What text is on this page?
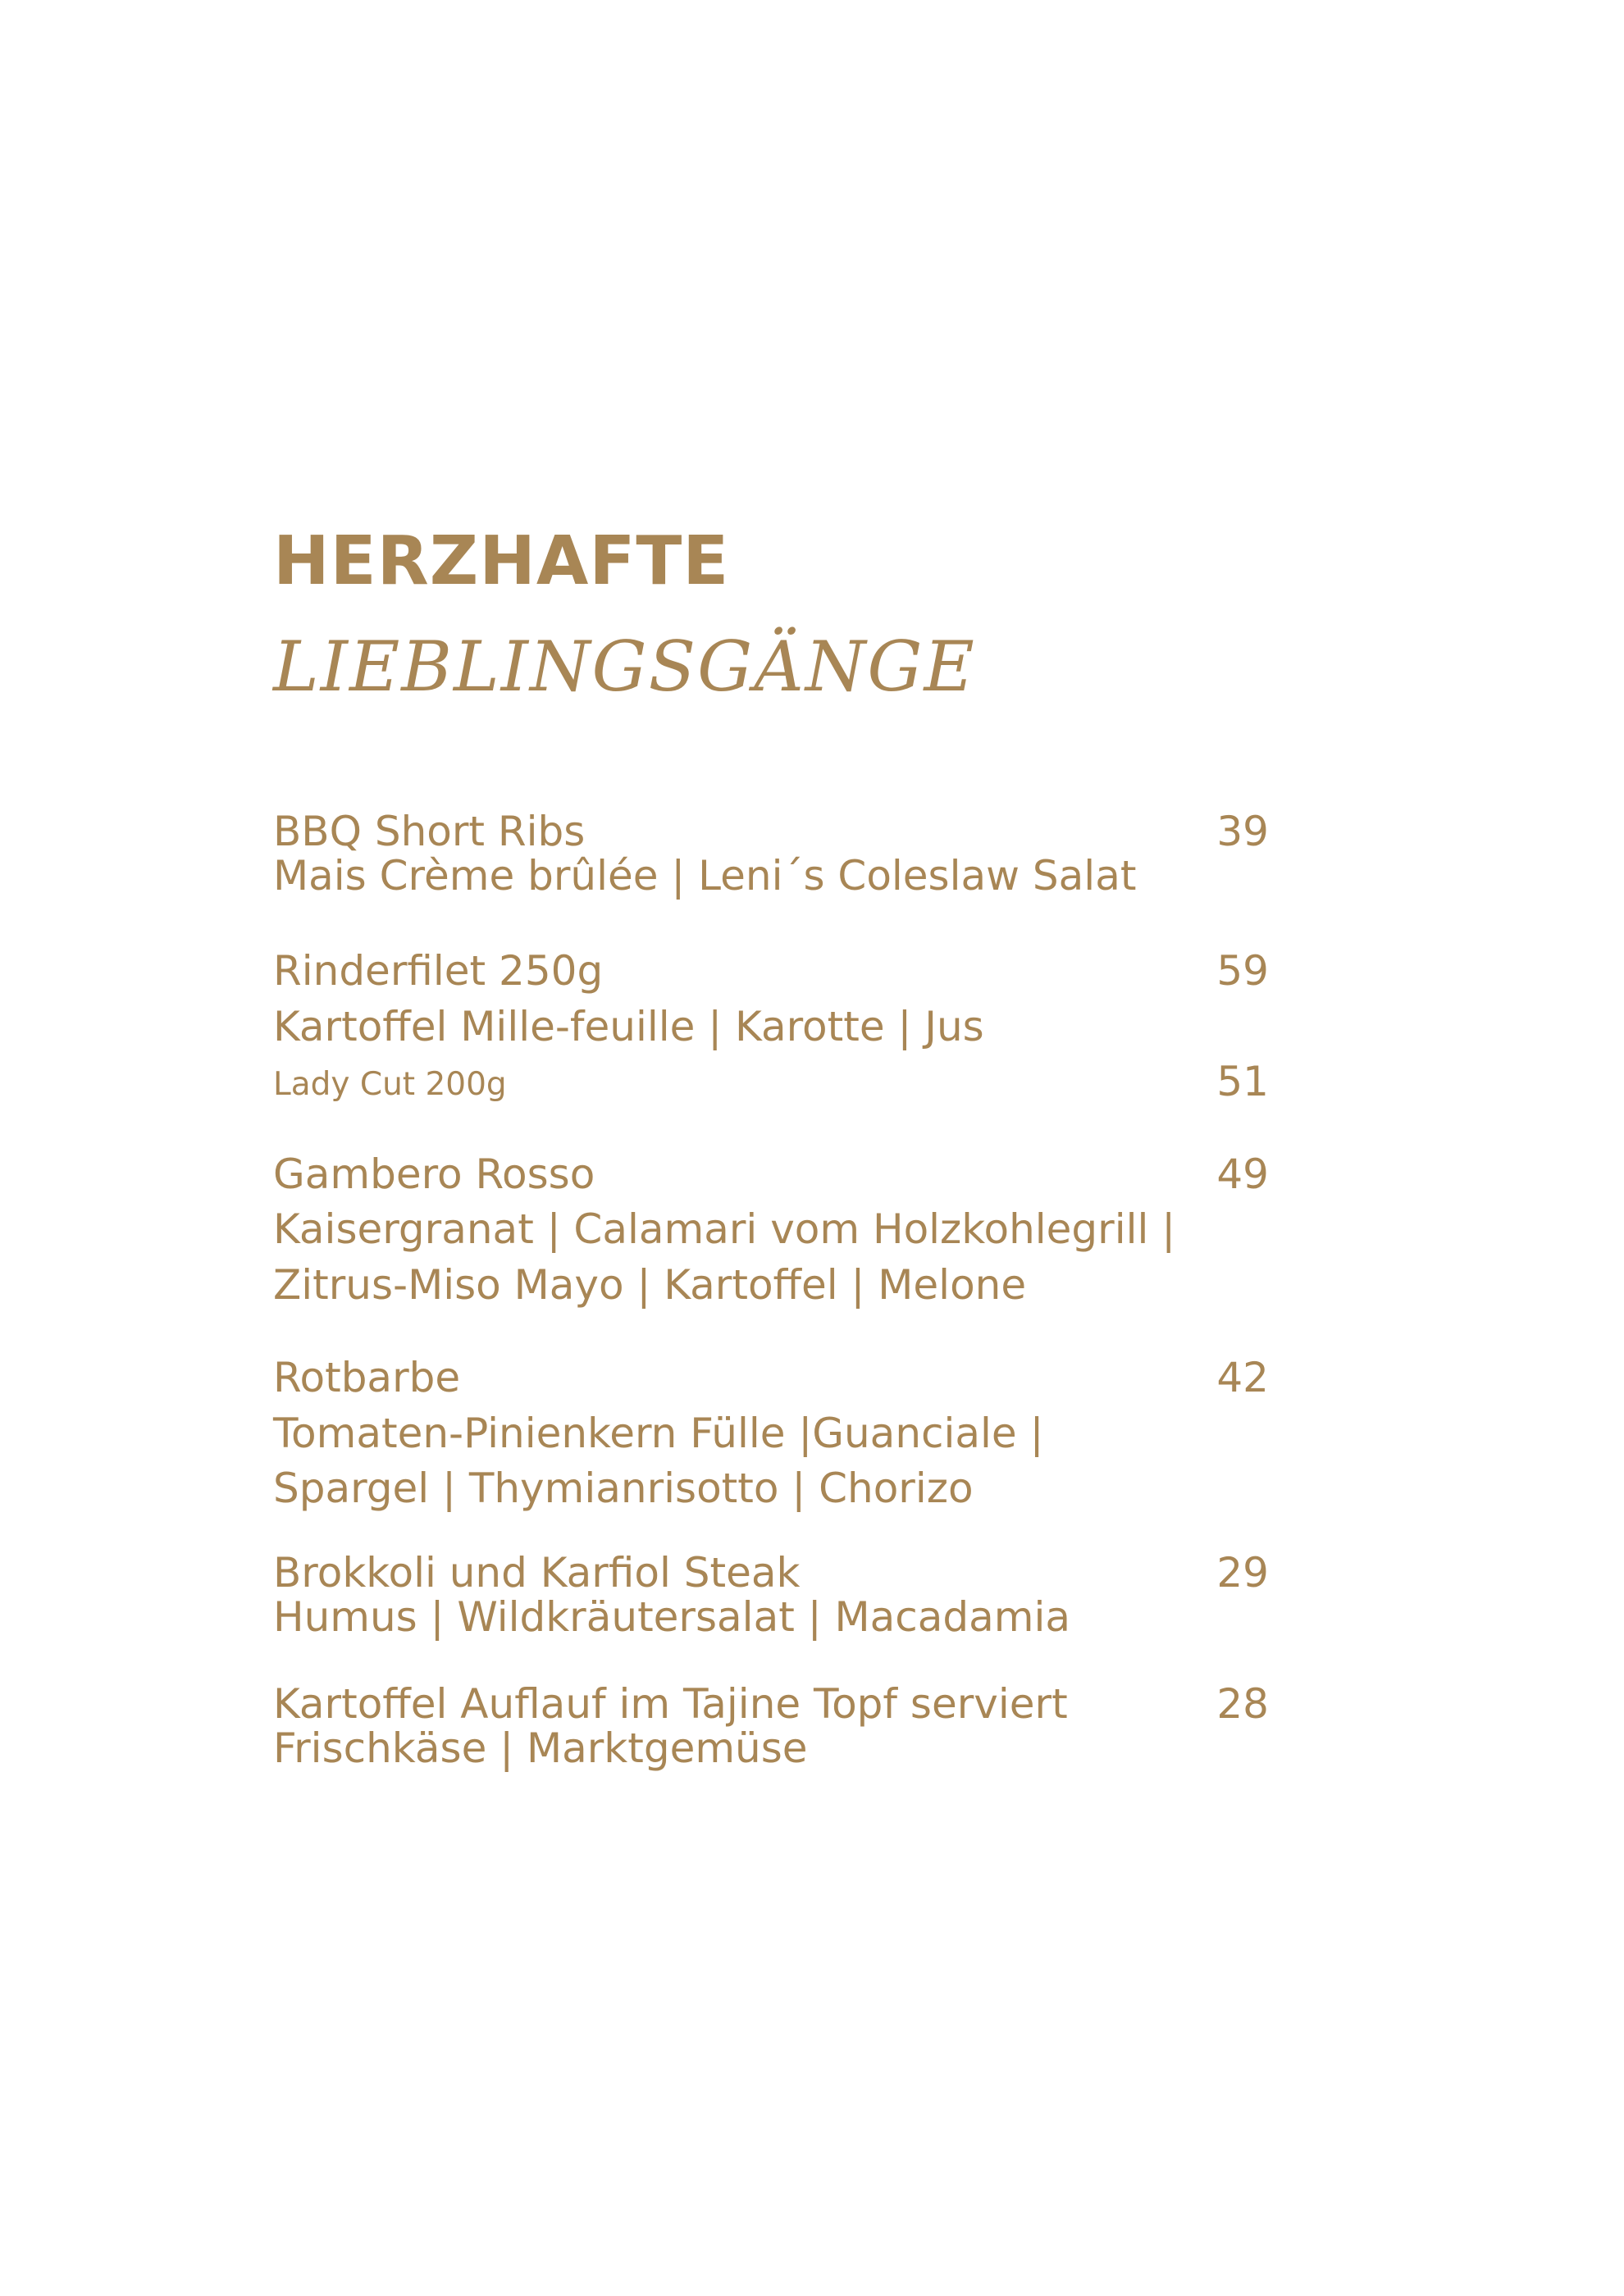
HERZHAFTE
LIEBLINGSGÄNGE

BBQ Short Ribs	39

Mais Crème brûlée | Leni´s Coleslaw Salat

Rinderfilet 250g	59

Kartoffel Mille-feuille | Karotte | Jus

Lady Cut 200g	51

Gambero Rosso	49

Kaisergranat | Calamari vom Holzkohlegrill |

Zitrus-Miso Mayo | Kartoffel | Melone

Rotbarbe	42

Tomaten-Pinienkern Fülle |Guanciale |

Spargel | Thymianrisotto | Chorizo

Brokkoli und Karfiol Steak	29

Humus | Wildkräutersalat | Macadamia

Kartoffel Auflauf im Tajine Topf serviert	28

Frischkäse | Marktgemüse
